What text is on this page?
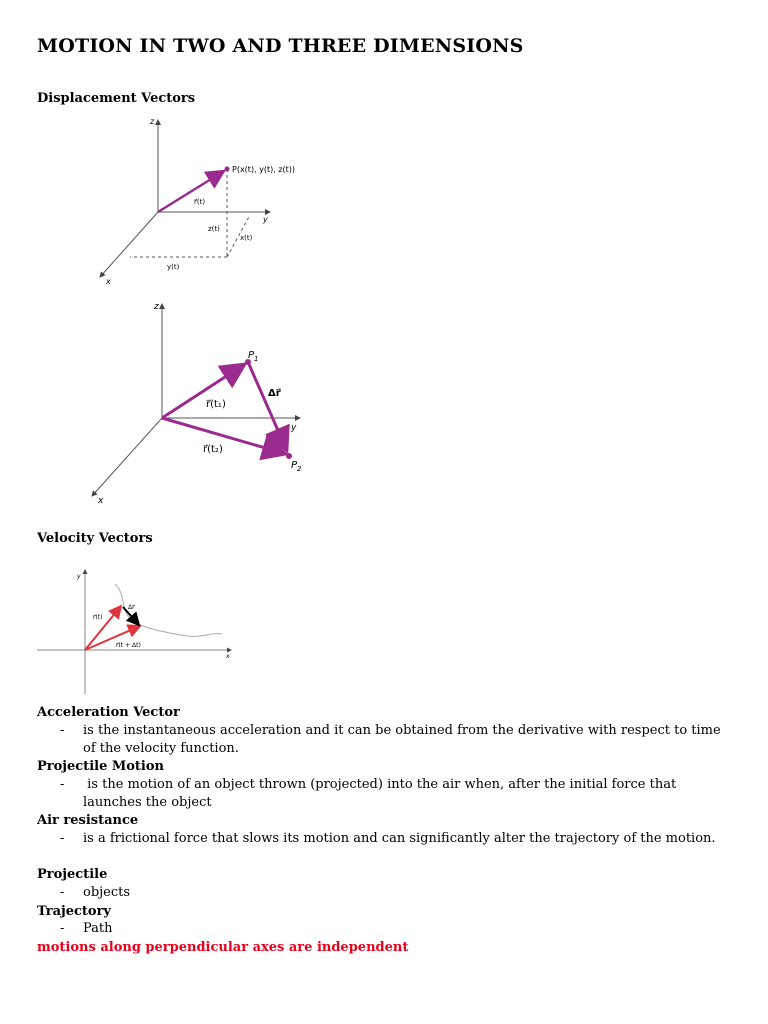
MOTION IN TWO AND THREE DIMENSIONS
Displacement Vectors
z
y
x
P(x(t), y(t), z(t))
r⃗(t)
z(t)
x(t)
y(t)
z
y
x
$P_1$
$P_2$
Δr⃗
r⃗(t₁)
r⃗(t₂)
Velocity Vectors
y
x
r⃗(t)
Δr⃗
r⃗(t + Δt)
Acceleration Vector
- is the instantaneous acceleration and it can be obtained from the derivative with respect to time of the velocity function.
Projectile Motion
- is the motion of an object thrown (projected) into the air when, after the initial force that launches the object
Air resistance
- is a frictional force that slows its motion and can significantly alter the trajectory of the motion.
Projectile
- objects
Trajectory
- Path
motions along perpendicular axes are independent
